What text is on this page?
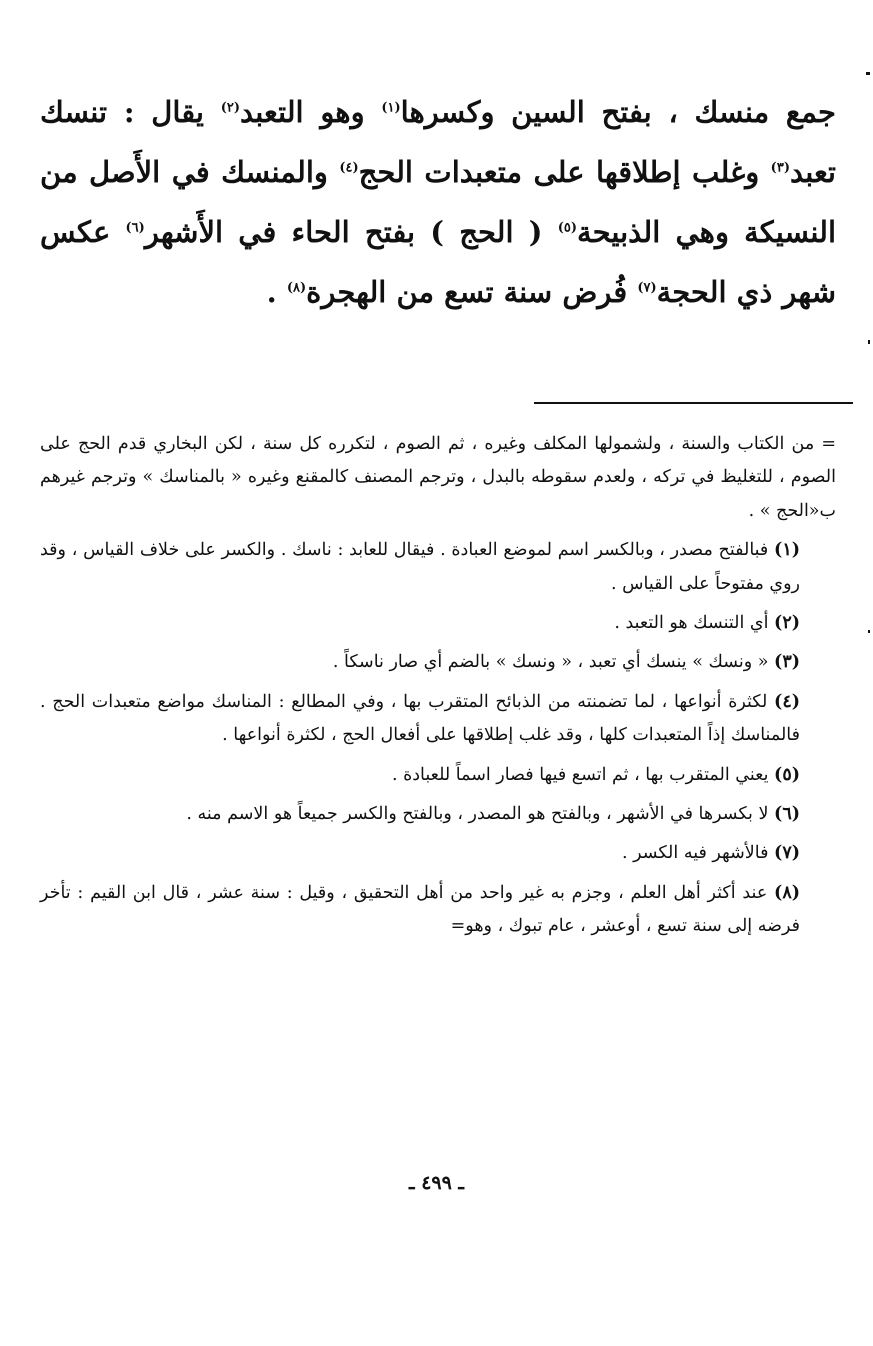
جمع منسك ، بفتح السين وكسرها$^{(١)}$ وهو التعبد$^{(٢)}$ يقال : تنسك تعبد$^{(٣)}$ وغلب إطلاقها على متعبدات الحج$^{(٤)}$ والمنسك في الأَصل من النسيكة وهي الذبيحة$^{(٥)}$ ( الحج ) بفتح الحاء في الأَشهر$^{(٦)}$ عكس شهر ذي الحجة$^{(٧)}$ فُرض سنة تسع من الهجرة$^{(٨)}$ .

= من الكتاب والسنة ، ولشمولها المكلف وغيره ، ثم الصوم ، لتكرره كل سنة ، لكن البخاري قدم الحج على الصوم ، للتغليظ في تركه ، ولعدم سقوطه بالبدل ، وترجم المصنف كالمقنع وغيره « بالمناسك » وترجم غيرهم ب«الحج » .

(١) فبالفتح مصدر ، وبالكسر اسم لموضع العبادة . فيقال للعابد : ناسك . والكسر على خلاف القياس ، وقد روي مفتوحاً على القياس .

(٢) أي التنسك هو التعبد .

(٣) « ونسك » ينسك أي تعبد ، « ونسك » بالضم أي صار ناسكاً .

(٤) لكثرة أنواعها ، لما تضمنته من الذبائح المتقرب بها ، وفي المطالع : المناسك مواضع متعبدات الحج . فالمناسك إذاً المتعبدات كلها ، وقد غلب إطلاقها على أفعال الحج ، لكثرة أنواعها .

(٥) يعني المتقرب بها ، ثم اتسع فيها فصار اسماً للعبادة .

(٦) لا بكسرها في الأشهر ، وبالفتح هو المصدر ، وبالفتح والكسر جميعاً هو الاسم منه .

(٧) فالأشهر فيه الكسر .

(٨) عند أكثر أهل العلم ، وجزم به غير واحد من أهل التحقيق ، وقيل : سنة عشر ، قال ابن القيم : تأخر فرضه إلى سنة تسع ، أوعشر ، عام تبوك ، وهو=

ـ ٤٩٩ ـ
